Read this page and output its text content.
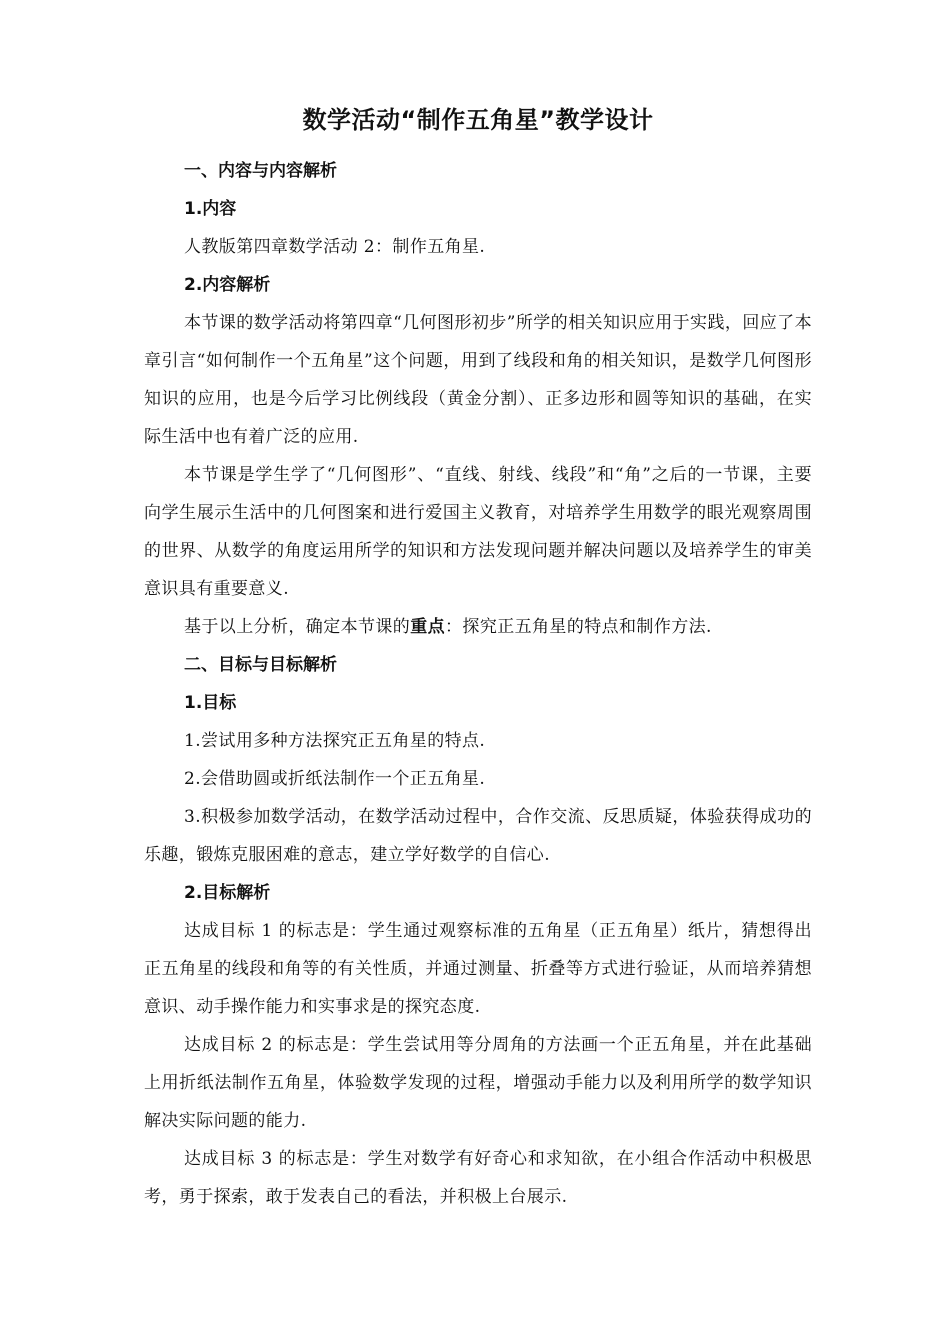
数学活动“制作五角星”教学设计
一、内容与内容解析
1.内容

人教版第四章数学活动 2：制作五角星.

2.内容解析

本节课的数学活动将第四章“几何图形初步”所学的相关知识应用于实践，回应了本章引言“如何制作一个五角星”这个问题，用到了线段和角的相关知识，是数学几何图形知识的应用，也是今后学习比例线段（黄金分割）、正多边形和圆等知识的基础，在实际生活中也有着广泛的应用.

本节课是学生学了“几何图形”、“直线、射线、线段”和“角”之后的一节课，主要向学生展示生活中的几何图案和进行爱国主义教育，对培养学生用数学的眼光观察周围的世界、从数学的角度运用所学的知识和方法发现问题并解决问题以及培养学生的审美意识具有重要意义.

基于以上分析，确定本节课的重点：探究正五角星的特点和制作方法.

二、目标与目标解析
1.目标

1.尝试用多种方法探究正五角星的特点.

2.会借助圆或折纸法制作一个正五角星.

3.积极参加数学活动，在数学活动过程中，合作交流、反思质疑，体验获得成功的乐趣，锻炼克服困难的意志，建立学好数学的自信心.

2.目标解析

达成目标 1 的标志是：学生通过观察标准的五角星（正五角星）纸片，猜想得出正五角星的线段和角等的有关性质，并通过测量、折叠等方式进行验证，从而培养猜想意识、动手操作能力和实事求是的探究态度.

达成目标 2 的标志是：学生尝试用等分周角的方法画一个正五角星，并在此基础上用折纸法制作五角星，体验数学发现的过程，增强动手能力以及利用所学的数学知识解决实际问题的能力.

达成目标 3 的标志是：学生对数学有好奇心和求知欲，在小组合作活动中积极思考，勇于探索，敢于发表自己的看法，并积极上台展示.
